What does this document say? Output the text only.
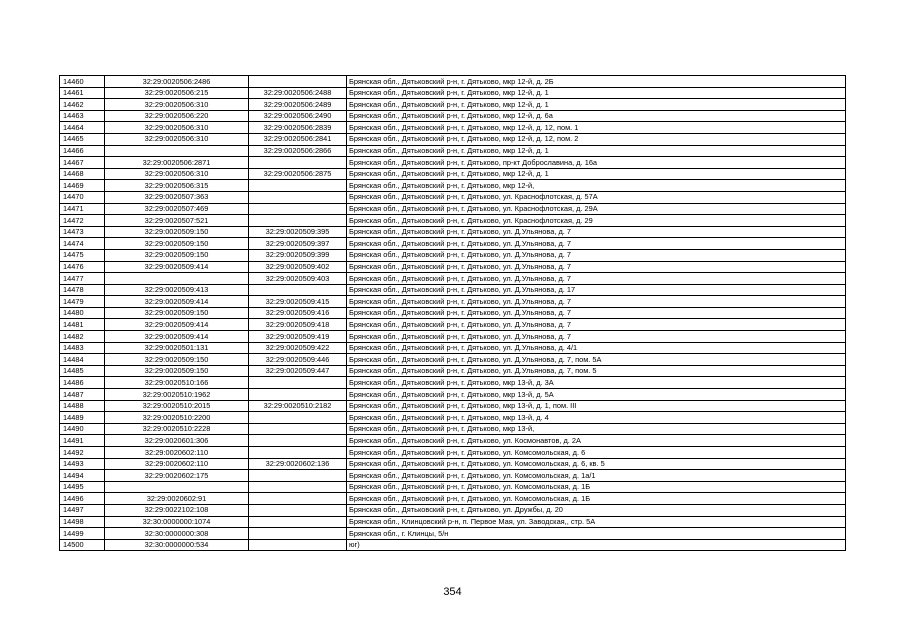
14460	32:29:0020506:2486		Брянская обл., Дятьковский р-н, г. Дятьково, мкр 12-й, д. 2Б
14461	32:29:0020506:215	32:29:0020506:2488	Брянская обл., Дятьковский р-н, г. Дятьково, мкр 12-й, д. 1
14462	32:29:0020506:310	32:29:0020506:2489	Брянская обл., Дятьковский р-н, г. Дятьково, мкр 12-й, д. 1
14463	32:29:0020506:220	32:29:0020506:2490	Брянская обл., Дятьковский р-н, г. Дятьково, мкр 12-й, д. 6а
14464	32:29:0020506:310	32:29:0020506:2839	Брянская обл., Дятьковский р-н, г. Дятьково, мкр 12-й, д. 12, пом. 1
14465	32:29:0020506:310	32:29:0020506:2841	Брянская обл., Дятьковский р-н, г. Дятьково, мкр 12-й, д. 12, пом. 2
14466		32:29:0020506:2866	Брянская обл., Дятьковский р-н, г. Дятьково, мкр 12-й, д. 1
14467	32:29:0020506:2871		Брянская обл., Дятьковский р-н, г. Дятьково, пр-кт Доброславина, д. 16а
14468	32:29:0020506:310	32:29:0020506:2875	Брянская обл., Дятьковский р-н, г. Дятьково, мкр 12-й, д. 1
14469	32:29:0020506:315		Брянская обл., Дятьковский р-н, г. Дятьково, мкр 12-й,
14470	32:29:0020507:363		Брянская обл., Дятьковский р-н, г. Дятьково, ул. Краснофлотская, д. 57А
14471	32:29:0020507:469		Брянская обл., Дятьковский р-н, г. Дятьково, ул. Краснофлотская, д. 29А
14472	32:29:0020507:521		Брянская обл., Дятьковский р-н, г. Дятьково, ул. Краснофлотская, д. 29
14473	32:29:0020509:150	32:29:0020509:395	Брянская обл., Дятьковский р-н, г. Дятьково, ул. Д.Ульянова, д. 7
14474	32:29:0020509:150	32:29:0020509:397	Брянская обл., Дятьковский р-н, г. Дятьково, ул. Д.Ульянова, д. 7
14475	32:29:0020509:150	32:29:0020509:399	Брянская обл., Дятьковский р-н, г. Дятьково, ул. Д.Ульянова, д. 7
14476	32:29:0020509:414	32:29:0020509:402	Брянская обл., Дятьковский р-н, г. Дятьково, ул. Д.Ульянова, д. 7
14477		32:29:0020509:403	Брянская обл., Дятьковский р-н, г. Дятьково, ул. Д.Ульянова, д. 7
14478	32:29:0020509:413		Брянская обл., Дятьковский р-н, г. Дятьково, ул. Д.Ульянова, д. 17
14479	32:29:0020509:414	32:29:0020509:415	Брянская обл., Дятьковский р-н, г. Дятьково, ул. Д.Ульянова, д. 7
14480	32:29:0020509:150	32:29:0020509:416	Брянская обл., Дятьковский р-н, г. Дятьково, ул. Д.Ульянова, д. 7
14481	32:29:0020509:414	32:29:0020509:418	Брянская обл., Дятьковский р-н, г. Дятьково, ул. Д.Ульянова, д. 7
14482	32:29:0020509:414	32:29:0020509:419	Брянская обл., Дятьковский р-н, г. Дятьково, ул. Д.Ульянова, д. 7
14483	32:29:0020501:131	32:29:0020509:422	Брянская обл., Дятьковский р-н, г. Дятьково, ул. Д.Ульянова, д. 4/1
14484	32:29:0020509:150	32:29:0020509:446	Брянская обл., Дятьковский р-н, г. Дятьково, ул. Д.Ульянова, д. 7, пом. 5А
14485	32:29:0020509:150	32:29:0020509:447	Брянская обл., Дятьковский р-н, г. Дятьково, ул. Д.Ульянова, д. 7, пом. 5
14486	32:29:0020510:166		Брянская обл., Дятьковский р-н, г. Дятьково, мкр 13-й, д. 3А
14487	32:29:0020510:1962		Брянская обл., Дятьковский р-н, г. Дятьково, мкр 13-й, д. 5А
14488	32:29:0020510:2015	32:29:0020510:2182	Брянская обл., Дятьковский р-н, г. Дятьково, мкр 13-й, д. 1, пом. III
14489	32:29:0020510:2200		Брянская обл., Дятьковский р-н, г. Дятьково, мкр 13-й, д. 4
14490	32:29:0020510:2228		Брянская обл., Дятьковский р-н, г. Дятьково, мкр 13-й,
14491	32:29:0020601:306		Брянская обл., Дятьковский р-н, г. Дятьково, ул. Космонавтов, д. 2А
14492	32:29:0020602:110		Брянская обл., Дятьковский р-н, г. Дятьково, ул. Комсомольская, д. 6
14493	32:29:0020602:110	32:29:0020602:136	Брянская обл., Дятьковский р-н, г. Дятьково, ул. Комсомольская, д. 6, кв. 5
14494	32:29:0020602:175		Брянская обл., Дятьковский р-н, г. Дятьково, ул. Комсомольская, д. 1а/1
14495			Брянская обл., Дятьковский р-н, г. Дятьково, ул. Комсомольская, д. 1Б
14496	32:29:0020602:91		Брянская обл., Дятьковский р-н, г. Дятьково, ул. Комсомольская, д. 1Б
14497	32:29:0022102:108		Брянская обл., Дятьковский р-н, г. Дятьково, ул. Дружбы, д. 20
14498	32:30:0000000:1074		Брянская обл., Клинцовский р-н, п. Первое Мая, ул. Заводская,, стр. 5А
14499	32:30:0000000:308		Брянская обл., г. Клинцы, 5/н
14500	32:30:0000000:534		юг)
354
